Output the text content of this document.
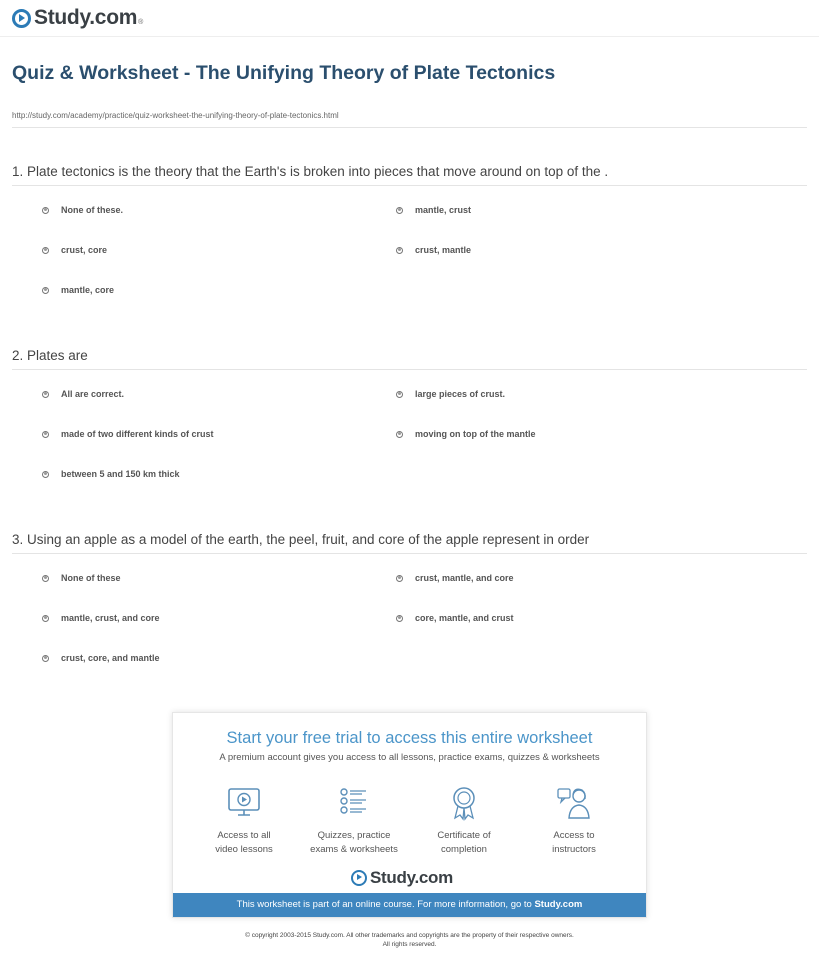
Study.com ®
Quiz & Worksheet - The Unifying Theory of Plate Tectonics
http://study.com/academy/practice/quiz-worksheet-the-unifying-theory-of-plate-tectonics.html
1. Plate tectonics is the theory that the Earth's is broken into pieces that move around on top of the .
None of these.	mantle, crust
crust, core	crust, mantle
mantle, core
2. Plates are
All are correct.	large pieces of crust.
made of two different kinds of crust	moving on top of the mantle
between 5 and 150 km thick
3. Using an apple as a model of the earth, the peel, fruit, and core of the apple represent in order
None of these	crust, mantle, and core
mantle, crust, and core	core, mantle, and crust
crust, core, and mantle
Start your free trial to access this entire worksheet
A premium account gives you access to all lessons, practice exams, quizzes & worksheets
Access to all
video lessons
Quizzes, practice
exams & worksheets
Certificate of
completion
Access to
instructors
Study.com
This worksheet is part of an online course. For more information, go to Study.com
© copyright 2003-2015 Study.com. All other trademarks and copyrights are the property of their respective owners.
All rights reserved.
